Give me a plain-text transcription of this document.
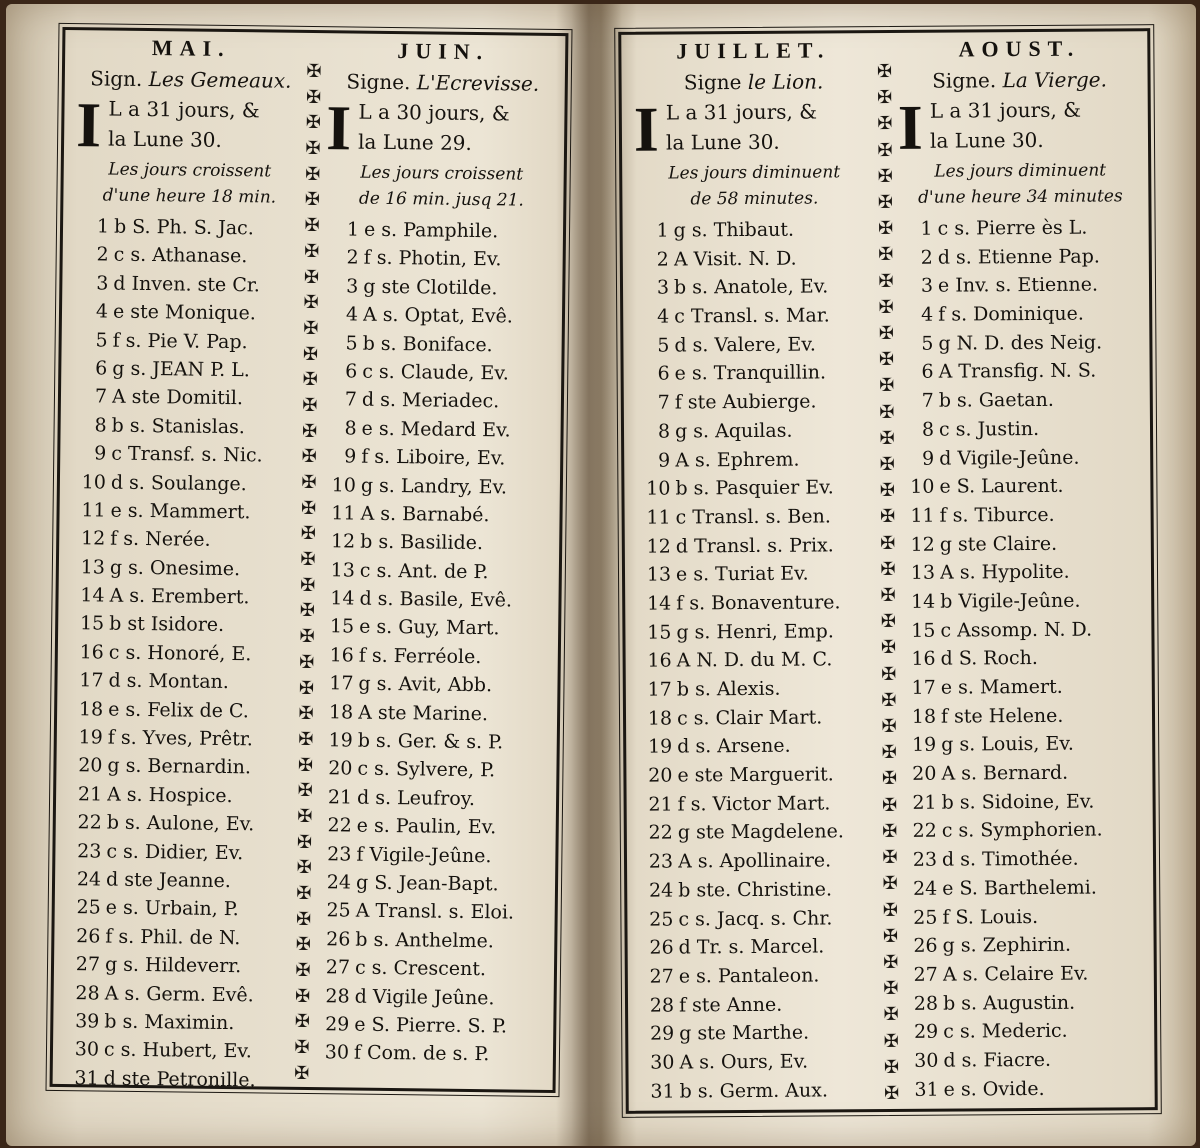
MAI.
Sign. Les Gemeaux.
I L a 31 jours, &
la Lune 30.
Les jours croissent
d'une heure 18 min.
1 b S. Ph. S. Jac.
2 c s. Athanase.
3 d Inven. ste Cr.
4 e ste Monique.
5 f s. Pie V. Pap.
6 g s. JEAN P. L.
7 A ste Domitil.
8 b s. Stanislas.
9 c Transf. s. Nic.
10 d s. Soulange.
11 e s. Mammert.
12 f s. Nerée.
13 g s. Onesime.
14 A s. Erembert.
15 b st Isidore.
16 c s. Honoré, E.
17 d s. Montan.
18 e s. Felix de C.
19 f s. Yves, Prêtr.
20 g s. Bernardin.
21 A s. Hospice.
22 b s. Aulone, Ev.
23 c s. Didier, Ev.
24 d ste Jeanne.
25 e s. Urbain, P.
26 f s. Phil. de N.
27 g s. Hildeverr.
28 A s. Germ. Evê.
39 b s. Maximin.
30 c s. Hubert, Ev.
31 d ste Petronille.
✠
✠
✠
✠
✠
✠
✠
✠
✠
✠
✠
✠
✠
✠
✠
✠
✠
✠
✠
✠
✠
✠
✠
✠
✠
✠
✠
✠
✠
✠
✠
✠
✠
✠
✠
✠
✠
✠
✠
✠
JUIN.
Signe. L'Ecrevisse.
I L a 30 jours, &
la Lune 29.
Les jours croissent
de 16 min. jusq 21.
1 e s. Pamphile.
2 f s. Photin, Ev.
3 g ste Clotilde.
4 A s. Optat, Evê.
5 b s. Boniface.
6 c s. Claude, Ev.
7 d s. Meriadec.
8 e s. Medard Ev.
9 f s. Liboire, Ev.
10 g s. Landry, Ev.
11 A s. Barnabé.
12 b s. Basilide.
13 c s. Ant. de P.
14 d s. Basile, Evê.
15 e s. Guy, Mart.
16 f s. Ferréole.
17 g s. Avit, Abb.
18 A ste Marine.
19 b s. Ger. & s. P.
20 c s. Sylvere, P.
21 d s. Leufroy.
22 e s. Paulin, Ev.
23 f Vigile-Jeûne.
24 g S. Jean-Bapt.
25 A Transl. s. Eloi.
26 b s. Anthelme.
27 c s. Crescent.
28 d Vigile Jeûne.
29 e S. Pierre. S. P.
30 f Com. de s. P.
JUILLET.
Signe le Lion.
I L a 31 jours, &
la Lune 30.
Les jours diminuent
de 58 minutes.
1 g s. Thibaut.
2 A Visit. N. D.
3 b s. Anatole, Ev.
4 c Transl. s. Mar.
5 d s. Valere, Ev.
6 e s. Tranquillin.
7 f ste Aubierge.
8 g s. Aquilas.
9 A s. Ephrem.
10 b s. Pasquier Ev.
11 c Transl. s. Ben.
12 d Transl. s. Prix.
13 e s. Turiat Ev.
14 f s. Bonaventure.
15 g s. Henri, Emp.
16 A N. D. du M. C.
17 b s. Alexis.
18 c s. Clair Mart.
19 d s. Arsene.
20 e ste Marguerit.
21 f s. Victor Mart.
22 g ste Magdelene.
23 A s. Apollinaire.
24 b ste. Christine.
25 c s. Jacq. s. Chr.
26 d Tr. s. Marcel.
27 e s. Pantaleon.
28 f ste Anne.
29 g ste Marthe.
30 A s. Ours, Ev.
31 b s. Germ. Aux.
✠
✠
✠
✠
✠
✠
✠
✠
✠
✠
✠
✠
✠
✠
✠
✠
✠
✠
✠
✠
✠
✠
✠
✠
✠
✠
✠
✠
✠
✠
✠
✠
✠
✠
✠
✠
✠
✠
✠
✠
AOUST.
Signe. La Vierge.
I L a 31 jours, &
la Lune 30.
Les jours diminuent
d'une heure 34 minutes
1 c s. Pierre ès L.
2 d s. Etienne Pap.
3 e Inv. s. Etienne.
4 f s. Dominique.
5 g N. D. des Neig.
6 A Transfig. N. S.
7 b s. Gaetan.
8 c s. Justin.
9 d Vigile-Jeûne.
10 e S. Laurent.
11 f s. Tiburce.
12 g ste Claire.
13 A s. Hypolite.
14 b Vigile-Jeûne.
15 c Assomp. N. D.
16 d S. Roch.
17 e s. Mamert.
18 f ste Helene.
19 g s. Louis, Ev.
20 A s. Bernard.
21 b s. Sidoine, Ev.
22 c s. Symphorien.
23 d s. Timothée.
24 e S. Barthelemi.
25 f S. Louis.
26 g s. Zephirin.
27 A s. Celaire Ev.
28 b s. Augustin.
29 c s. Mederic.
30 d s. Fiacre.
31 e s. Ovide.
